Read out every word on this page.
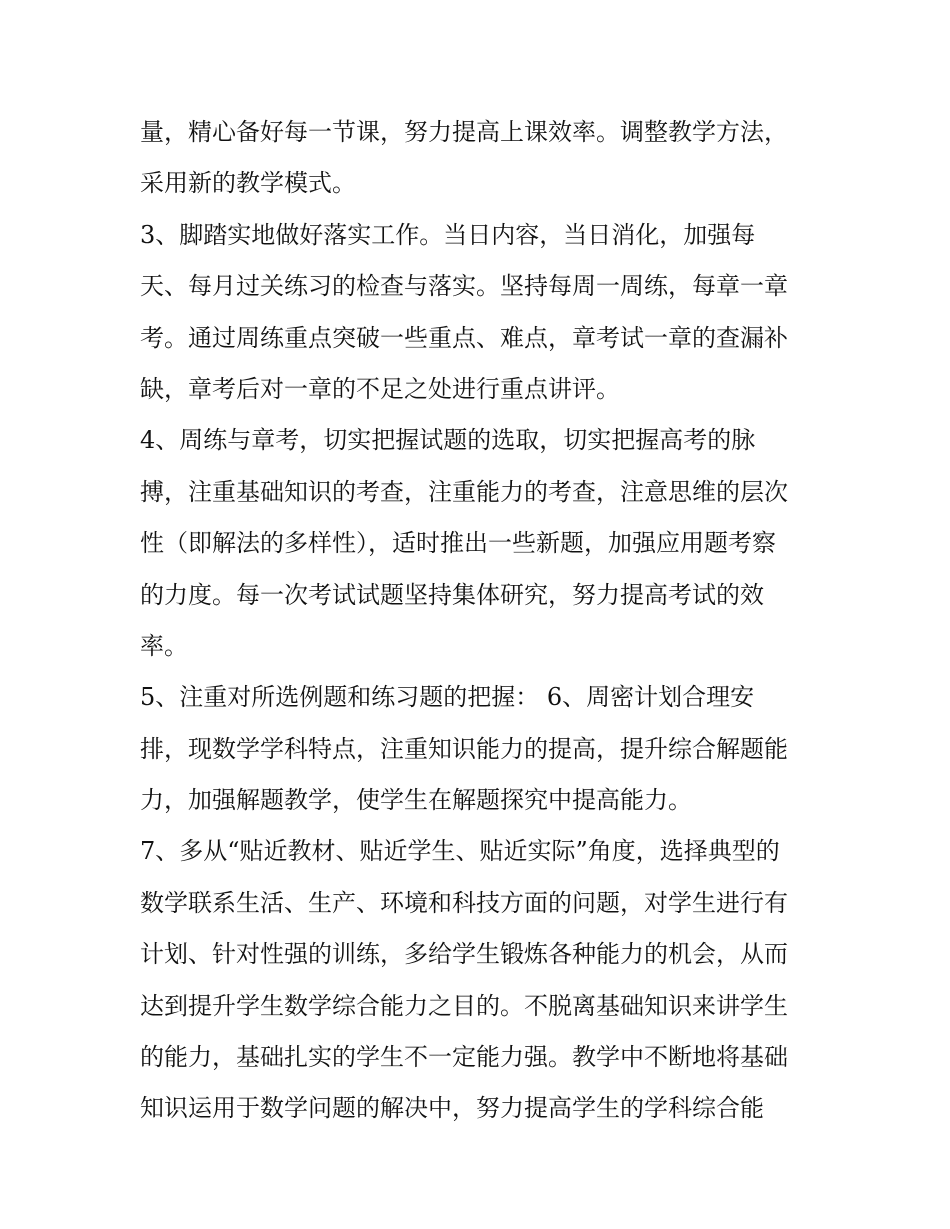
量，精心备好每一节课，努力提高上课效率。调整教学方法，
采用新的教学模式。
3、脚踏实地做好落实工作。当日内容，当日消化，加强每
天、每月过关练习的检查与落实。坚持每周一周练，每章一章
考。通过周练重点突破一些重点、难点，章考试一章的查漏补
缺，章考后对一章的不足之处进行重点讲评。
4、周练与章考，切实把握试题的选取，切实把握高考的脉
搏，注重基础知识的考查，注重能力的考查，注意思维的层次
性（即解法的多样性），适时推出一些新题，加强应用题考察
的力度。每一次考试试题坚持集体研究，努力提高考试的效
率。
5、注重对所选例题和练习题的把握： 6、周密计划合理安
排，现数学学科特点，注重知识能力的提高，提升综合解题能
力，加强解题教学，使学生在解题探究中提高能力。
7、多从“贴近教材、贴近学生、贴近实际”角度，选择典型的
数学联系生活、生产、环境和科技方面的问题，对学生进行有
计划、针对性强的训练，多给学生锻炼各种能力的机会，从而
达到提升学生数学综合能力之目的。不脱离基础知识来讲学生
的能力，基础扎实的学生不一定能力强。教学中不断地将基础
知识运用于数学问题的解决中，努力提高学生的学科综合能
